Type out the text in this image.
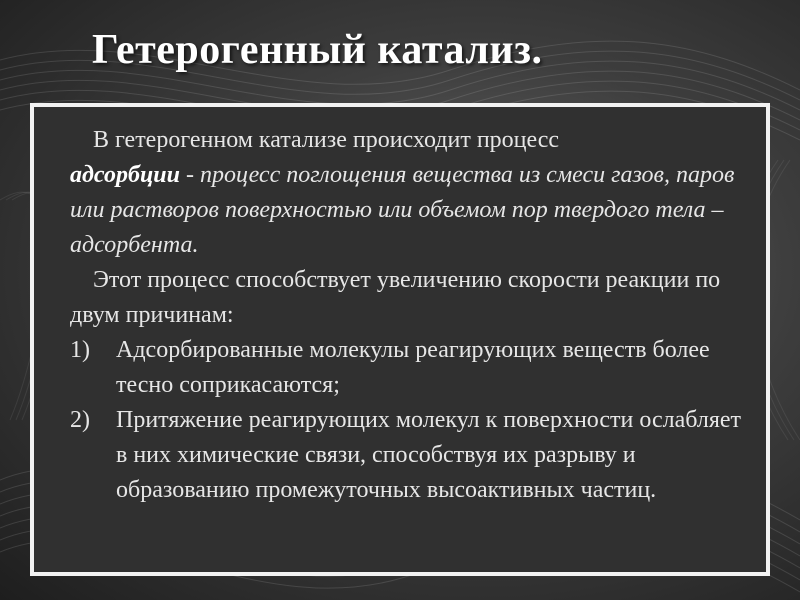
Гетерогенный катализ.

В гетерогенном катализе происходит процесс
адсорбции - процесс поглощения вещества из смеси газов, паров или растворов поверхностью или объемом пор твердого тела – адсорбента.

Этот процесс способствует увеличению скорости реакции по двум причинам:

1)	Адсорбированные молекулы реагирующих веществ более тесно соприкасаются;
2)	Притяжение реагирующих молекул к поверхности ослабляет в них химические связи, способствуя их разрыву и образованию промежуточных высоактивных частиц.
